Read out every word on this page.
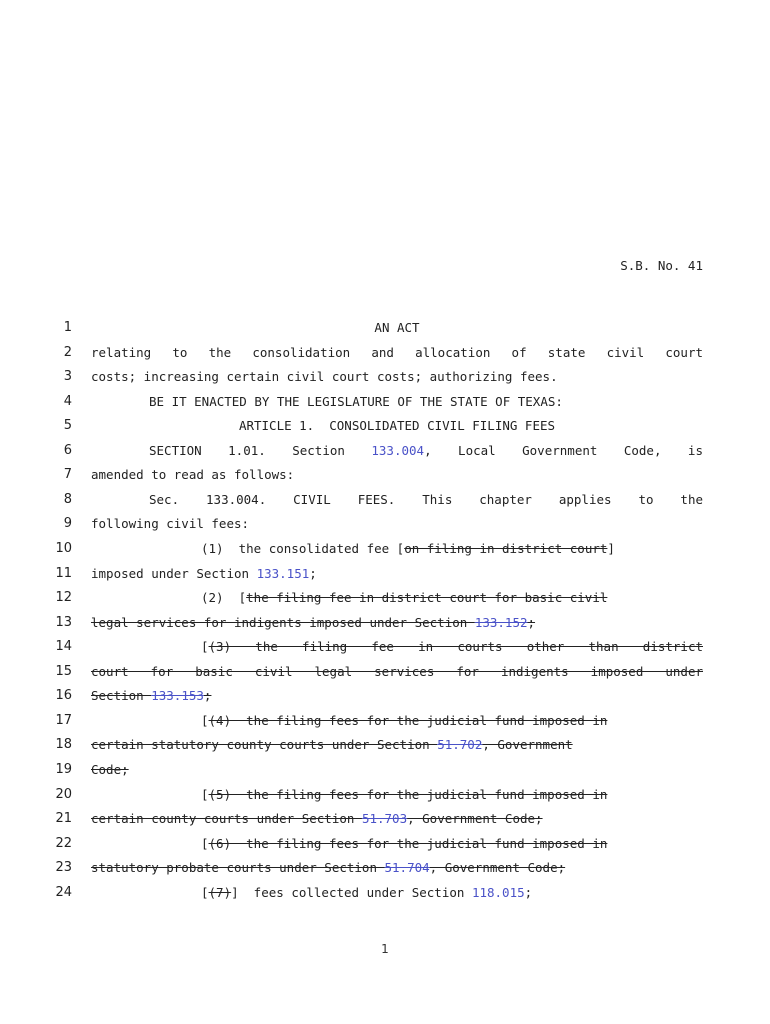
S.B. No. 41
1
2
3
4
5
6
7
8
9
10
11
12
13
14
15
16
17
18
19
20
21
22
23
24
AN ACT
relating to the consolidation and allocation of state civil court
costs; increasing certain civil court costs; authorizing fees.
BE IT ENACTED BY THE LEGISLATURE OF THE STATE OF TEXAS:
ARTICLE 1.  CONSOLIDATED CIVIL FILING FEES
SECTION 1.01. Section 133.004, Local Government Code, is
amended to read as follows:
Sec. 133.004. CIVIL FEES. This chapter applies to the
following civil fees:
(1)  the consolidated fee [on filing in district court]
imposed under Section 133.151;
(2)  [the filing fee in district court for basic civil
legal services for indigents imposed under Section 133.152;
[(3) the filing fee in courts other than district
court for basic civil legal services for indigents imposed under
Section 133.153;
[(4)  the filing fees for the judicial fund imposed in
certain statutory county courts under Section 51.702, Government
Code;
[(5)  the filing fees for the judicial fund imposed in
certain county courts under Section 51.703, Government Code;
[(6)  the filing fees for the judicial fund imposed in
statutory probate courts under Section 51.704, Government Code;
[(7)]  fees collected under Section 118.015;
1
